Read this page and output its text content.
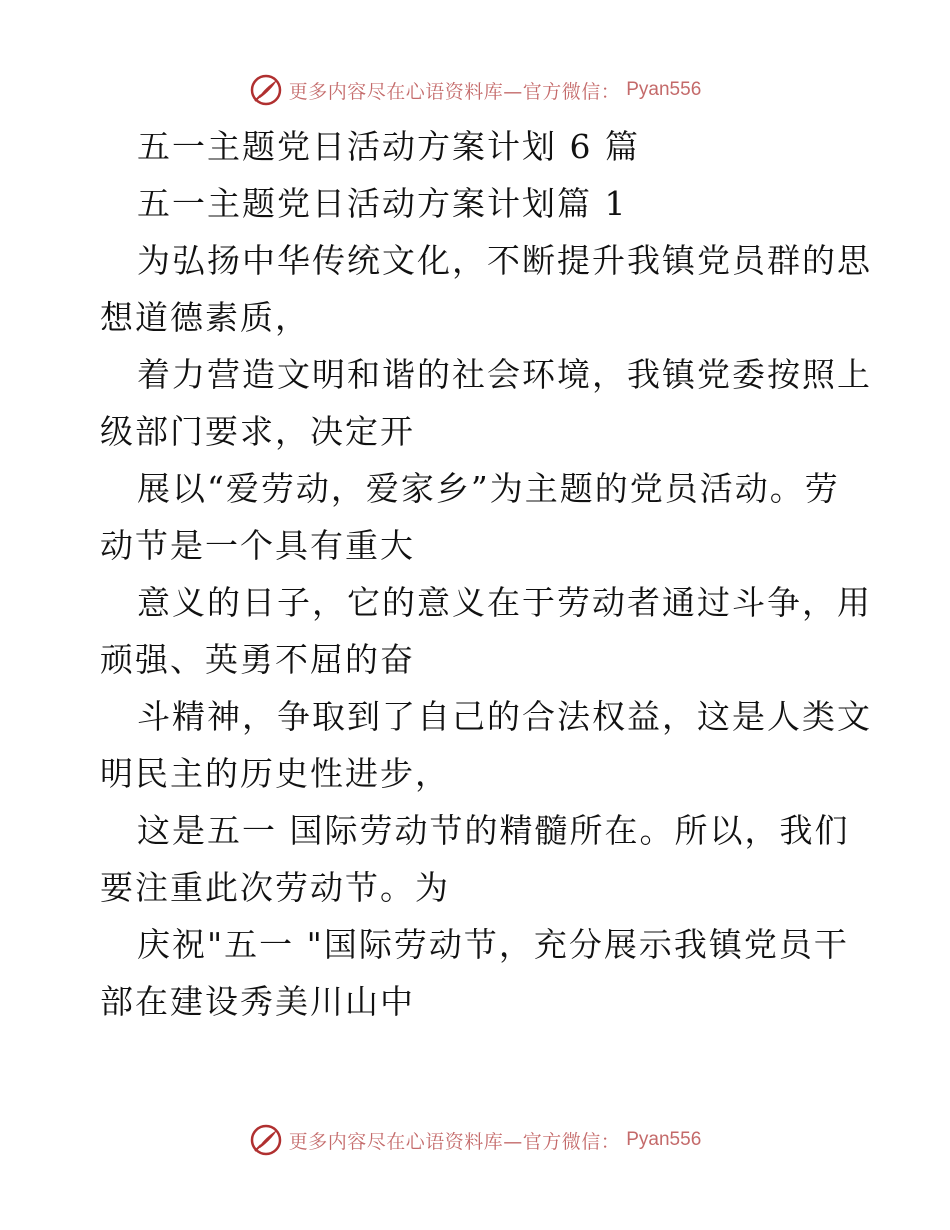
更多内容尽在心语资料库—官方微信： Pyan556
五一主题党日活动方案计划 6 篇
五一主题党日活动方案计划篇 1
为弘扬中华传统文化，不断提升我镇党员群的思
想道德素质，
着力营造文明和谐的社会环境，我镇党委按照上
级部门要求，决定开
展以“爱劳动，爱家乡”为主题的党员活动。劳
动节是一个具有重大
意义的日子，它的意义在于劳动者通过斗争，用
顽强、英勇不屈的奋
斗精神，争取到了自己的合法权益，这是人类文
明民主的历史性进步，
这是五一 国际劳动节的精髓所在。所以，我们
要注重此次劳动节。为
庆祝"五一 "国际劳动节，充分展示我镇党员干
部在建设秀美川山中
更多内容尽在心语资料库—官方微信： Pyan556
